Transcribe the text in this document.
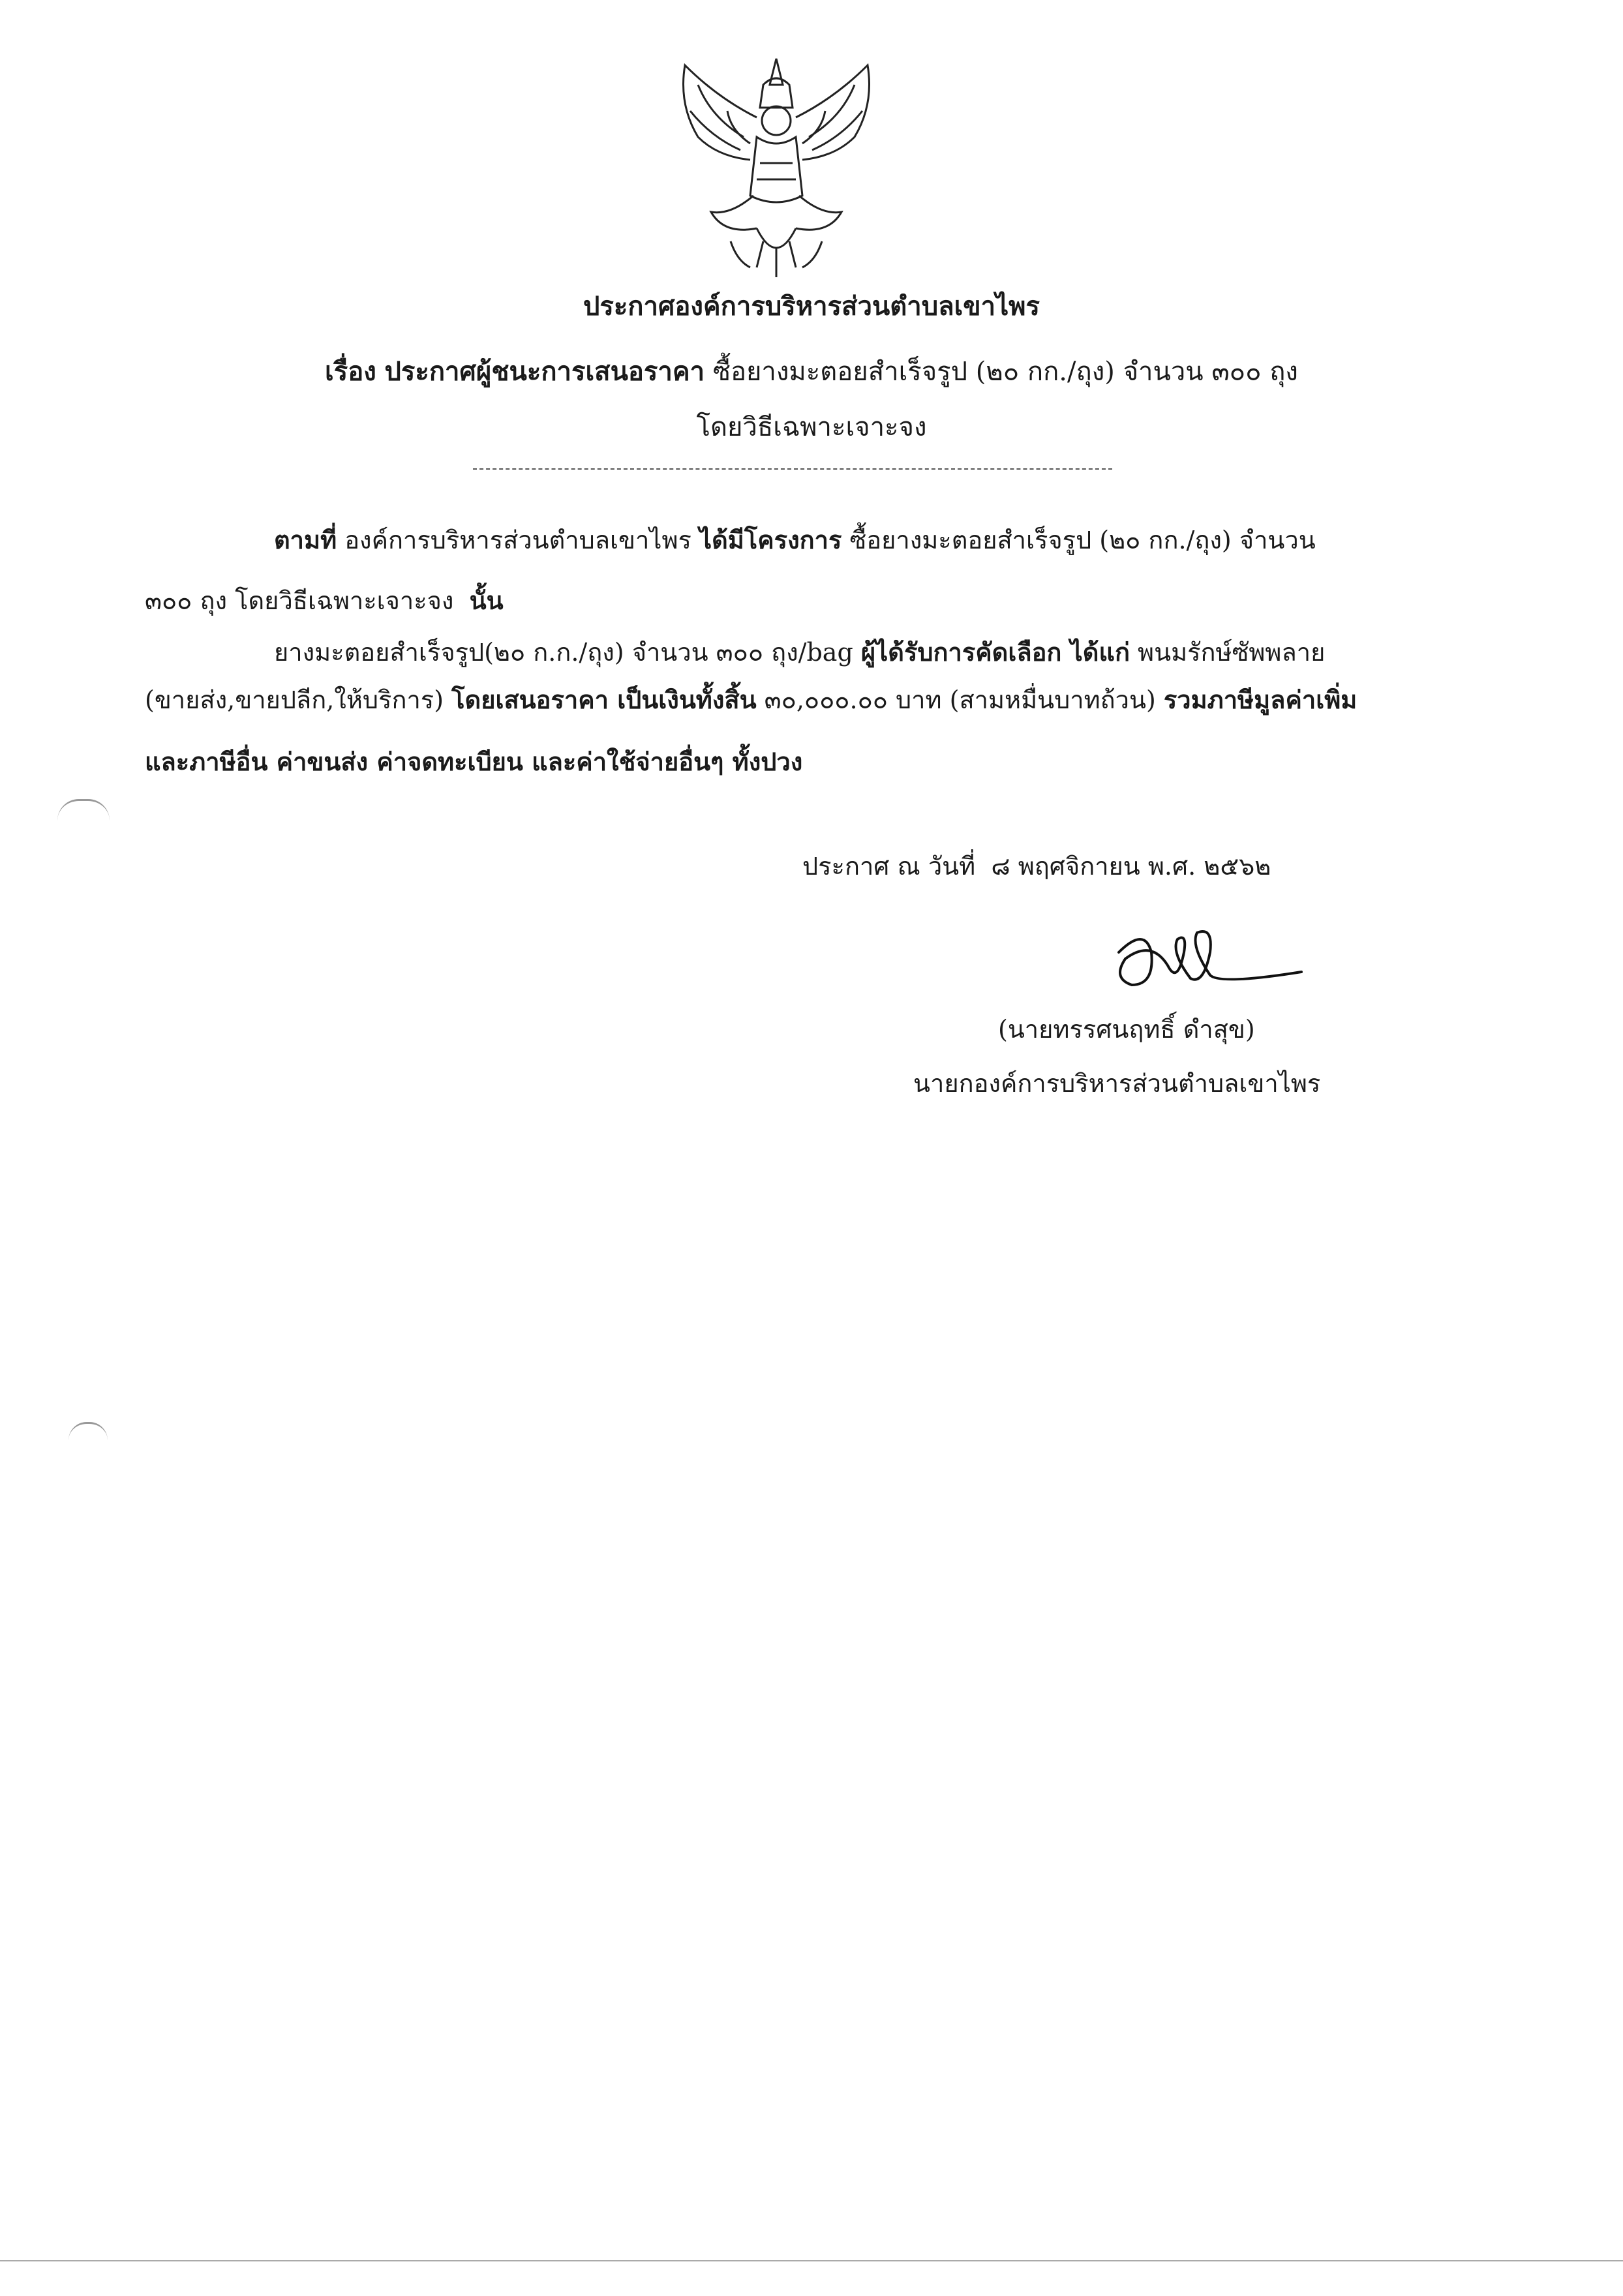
ประกาศองค์การบริหารส่วนตำบลเขาไพร
เรื่อง ประกาศผู้ชนะการเสนอราคา ซื้อยางมะตอยสำเร็จรูป (๒๐ กก./ถุง) จำนวน ๓๐๐ ถุง
โดยวิธีเฉพาะเจาะจง
ตามที่ องค์การบริหารส่วนตำบลเขาไพร ได้มีโครงการ ซื้อยางมะตอยสำเร็จรูป (๒๐ กก./ถุง) จำนวน
๓๐๐ ถุง โดยวิธีเฉพาะเจาะจง นั้น
ยางมะตอยสำเร็จรูป(๒๐ ก.ก./ถุง) จำนวน ๓๐๐ ถุง/bag ผู้ได้รับการคัดเลือก ได้แก่ พนมรักษ์ซัพพลาย
(ขายส่ง,ขายปลีก,ให้บริการ) โดยเสนอราคา เป็นเงินทั้งสิ้น ๓๐,๐๐๐.๐๐ บาท (สามหมื่นบาทถ้วน) รวมภาษีมูลค่าเพิ่ม
และภาษีอื่น ค่าขนส่ง ค่าจดทะเบียน และค่าใช้จ่ายอื่นๆ ทั้งปวง
ประกาศ ณ วันที่ ๘ พฤศจิกายน พ.ศ. ๒๕๖๒
(นายทรรศนฤทธิ์ ดำสุข)
นายกองค์การบริหารส่วนตำบลเขาไพร
